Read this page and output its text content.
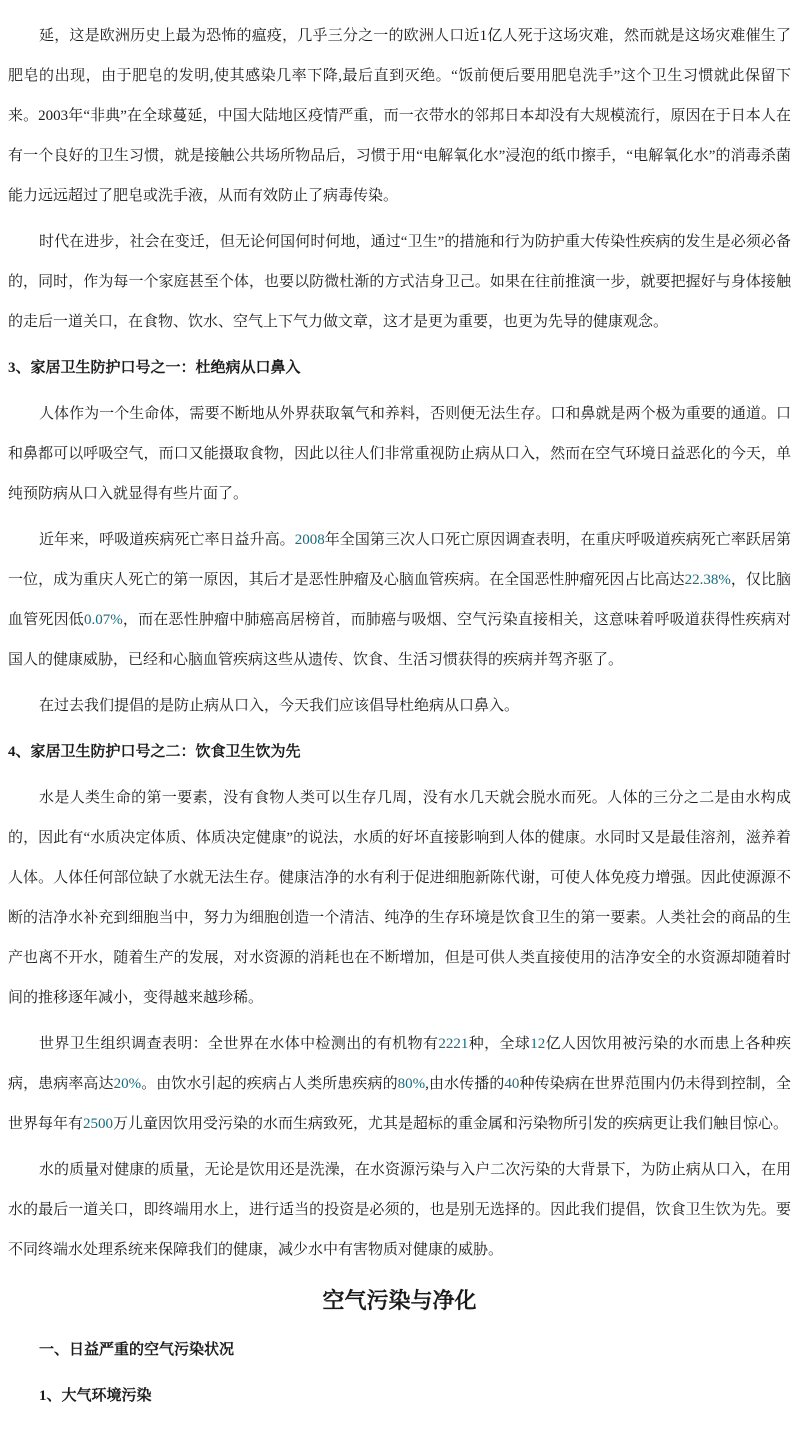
延，这是欧洲历史上最为恐怖的瘟疫，几乎三分之一的欧洲人口近1亿人死于这场灾难，然而就是这场灾难催生了肥皂的出现，由于肥皂的发明,使其感染几率下降,最后直到灭绝。“饭前便后要用肥皂洗手”这个卫生习惯就此保留下来。2003年“非典”在全球蔓延，中国大陆地区疫情严重，而一衣带水的邻邦日本却没有大规模流行，原因在于日本人在有一个良好的卫生习惯，就是接触公共场所物品后，习惯于用“电解氧化水”浸泡的纸巾擦手，“电解氧化水”的消毒杀菌能力远远超过了肥皂或洗手液，从而有效防止了病毒传染。
时代在进步，社会在变迁，但无论何国何时何地，通过“卫生”的措施和行为防护重大传染性疾病的发生是必须必备的，同时，作为每一个家庭甚至个体，也要以防微杜渐的方式洁身卫己。如果在往前推演一步，就要把握好与身体接触的走后一道关口，在食物、饮水、空气上下气力做文章，这才是更为重要，也更为先导的健康观念。
3、家居卫生防护口号之一：杜绝病从口鼻入
人体作为一个生命体，需要不断地从外界获取氧气和养料，否则便无法生存。口和鼻就是两个极为重要的通道。口和鼻都可以呼吸空气，而口又能摄取食物，因此以往人们非常重视防止病从口入，然而在空气环境日益恶化的今天，单纯预防病从口入就显得有些片面了。
近年来，呼吸道疾病死亡率日益升高。2008年全国第三次人口死亡原因调查表明，在重庆呼吸道疾病死亡率跃居第一位，成为重庆人死亡的第一原因，其后才是恶性肿瘤及心脑血管疾病。在全国恶性肿瘤死因占比高达22.38%，仅比脑血管死因低0.07%，而在恶性肿瘤中肺癌高居榜首，而肺癌与吸烟、空气污染直接相关，这意味着呼吸道获得性疾病对国人的健康威胁，已经和心脑血管疾病这些从遗传、饮食、生活习惯获得的疾病并驾齐驱了。
在过去我们提倡的是防止病从口入，今天我们应该倡导杜绝病从口鼻入。
4、家居卫生防护口号之二：饮食卫生饮为先
水是人类生命的第一要素，没有食物人类可以生存几周，没有水几天就会脱水而死。人体的三分之二是由水构成的，因此有“水质决定体质、体质决定健康”的说法，水质的好坏直接影响到人体的健康。水同时又是最佳溶剂，滋养着人体。人体任何部位缺了水就无法生存。健康洁净的水有利于促进细胞新陈代谢，可使人体免疫力增强。因此使源源不断的洁净水补充到细胞当中，努力为细胞创造一个清洁、纯净的生存环境是饮食卫生的第一要素。人类社会的商品的生产也离不开水，随着生产的发展，对水资源的消耗也在不断增加，但是可供人类直接使用的洁净安全的水资源却随着时间的推移逐年减小，变得越来越珍稀。
世界卫生组织调查表明：全世界在水体中检测出的有机物有2221种，全球12亿人因饮用被污染的水而患上各种疾病，患病率高达20%。由饮水引起的疾病占人类所患疾病的80%,由水传播的40种传染病在世界范围内仍未得到控制，全世界每年有2500万儿童因饮用受污染的水而生病致死，尤其是超标的重金属和污染物所引发的疾病更让我们触目惊心。
水的质量对健康的质量，无论是饮用还是洗澡，在水资源污染与入户二次污染的大背景下，为防止病从口入，在用水的最后一道关口，即终端用水上，进行适当的投资是必须的，也是别无选择的。因此我们提倡，饮食卫生饮为先。要不同终端水处理系统来保障我们的健康，减少水中有害物质对健康的威胁。
空气污染与净化
一、日益严重的空气污染状况
1、大气环境污染
